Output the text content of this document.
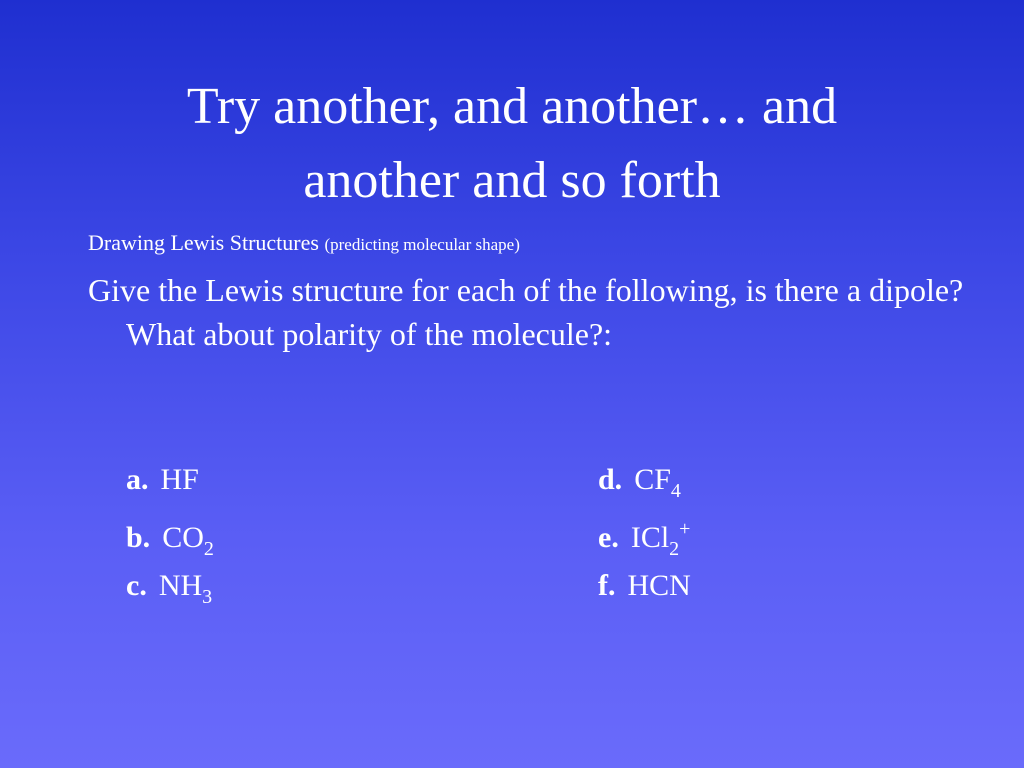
Try another, and another… and
another and so forth
Drawing Lewis Structures (predicting molecular shape)
Give the Lewis structure for each of the following, is there a dipole? What about polarity of the molecule?:
a. HF
b. $CO_2$
c. $NH_3$
d. $CF_4$
e. ICl$_2$+
f. HCN
